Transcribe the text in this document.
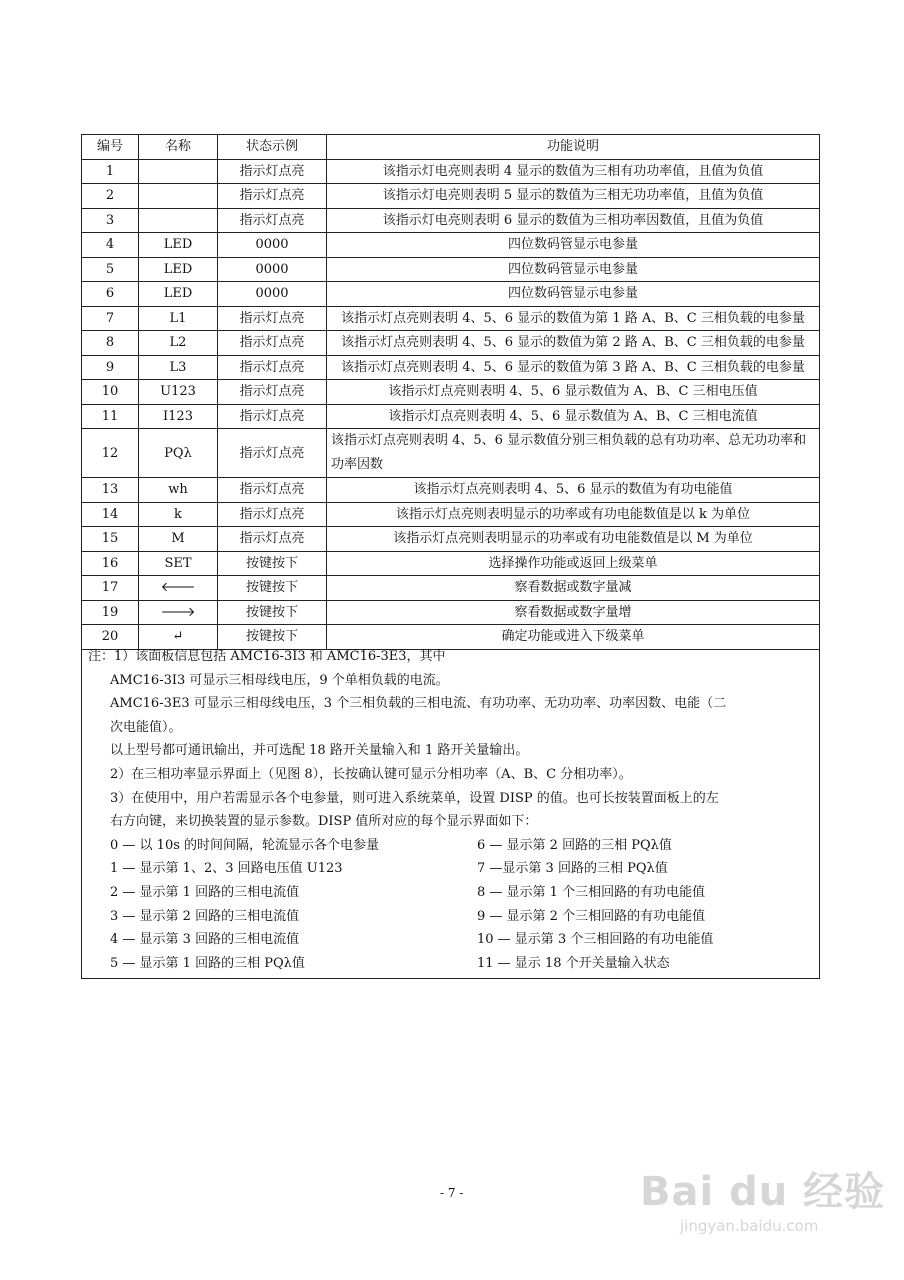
编号	名称	状态示例	功能说明
1		指示灯点亮	该指示灯电亮则表明 4 显示的数值为三相有功功率值，且值为负值
2		指示灯点亮	该指示灯电亮则表明 5 显示的数值为三相无功功率值，且值为负值
3		指示灯点亮	该指示灯电亮则表明 6 显示的数值为三相功率因数值，且值为负值
4	LED	0000	四位数码管显示电参量
5	LED	0000	四位数码管显示电参量
6	LED	0000	四位数码管显示电参量
7	L1	指示灯点亮	该指示灯点亮则表明 4、5、6 显示的数值为第 1 路 A、B、C 三相负载的电参量
8	L2	指示灯点亮	该指示灯点亮则表明 4、5、6 显示的数值为第 2 路 A、B、C 三相负载的电参量
9	L3	指示灯点亮	该指示灯点亮则表明 4、5、6 显示的数值为第 3 路 A、B、C 三相负载的电参量
10	U123	指示灯点亮	该指示灯点亮则表明 4、5、6 显示数值为 A、B、C 三相电压值
11	I123	指示灯点亮	该指示灯点亮则表明 4、5、6 显示数值为 A、B、C 三相电流值
12	PQλ	指示灯点亮	该指示灯点亮则表明 4、5、6 显示数值分别三相负载的总有功功率、总无功功率和功率因数
13	wh	指示灯点亮	该指示灯点亮则表明 4、5、6 显示的数值为有功电能值
14	k	指示灯点亮	该指示灯点亮则表明显示的功率或有功电能数值是以 k 为单位
15	M	指示灯点亮	该指示灯点亮则表明显示的功率或有功电能数值是以 M 为单位
16	SET	按键按下	选择操作功能或返回上级菜单
17	🡐	按键按下	察看数据或数字量减
19	🡒	按键按下	察看数据或数字量增
20	↵	按键按下	确定功能或进入下级菜单
注：1）该面板信息包括 AMC16-3I3 和 AMC16-3E3，其中
AMC16-3I3 可显示三相母线电压，9 个单相负载的电流。
AMC16-3E3 可显示三相母线电压，3 个三相负载的三相电流、有功功率、无功功率、功率因数、电能（二
次电能值）。
以上型号都可通讯输出，并可选配 18 路开关量输入和 1 路开关量输出。
2）在三相功率显示界面上（见图 8），长按确认键可显示分相功率（A、B、C 分相功率）。
3）在使用中，用户若需显示各个电参量，则可进入系统菜单，设置 DISP 的值。也可长按装置面板上的左
右方向键，来切换装置的显示参数。DISP 值所对应的每个显示界面如下：
0 — 以 10s 的时间间隔，轮流显示各个电参量
1 — 显示第 1、2、3 回路电压值 U123
2 — 显示第 1 回路的三相电流值
3 — 显示第 2 回路的三相电流值
4 — 显示第 3 回路的三相电流值
5 — 显示第 1 回路的三相 PQλ值
6 — 显示第 2 回路的三相 PQλ值
7 —显示第 3 回路的三相 PQλ值
8 — 显示第 1 个三相回路的有功电能值
9 — 显示第 2 个三相回路的有功电能值
10 — 显示第 3 个三相回路的有功电能值
11 — 显示 18 个开关量输入状态
- 7 -	Bai du 经验
jingyan.baidu.com
